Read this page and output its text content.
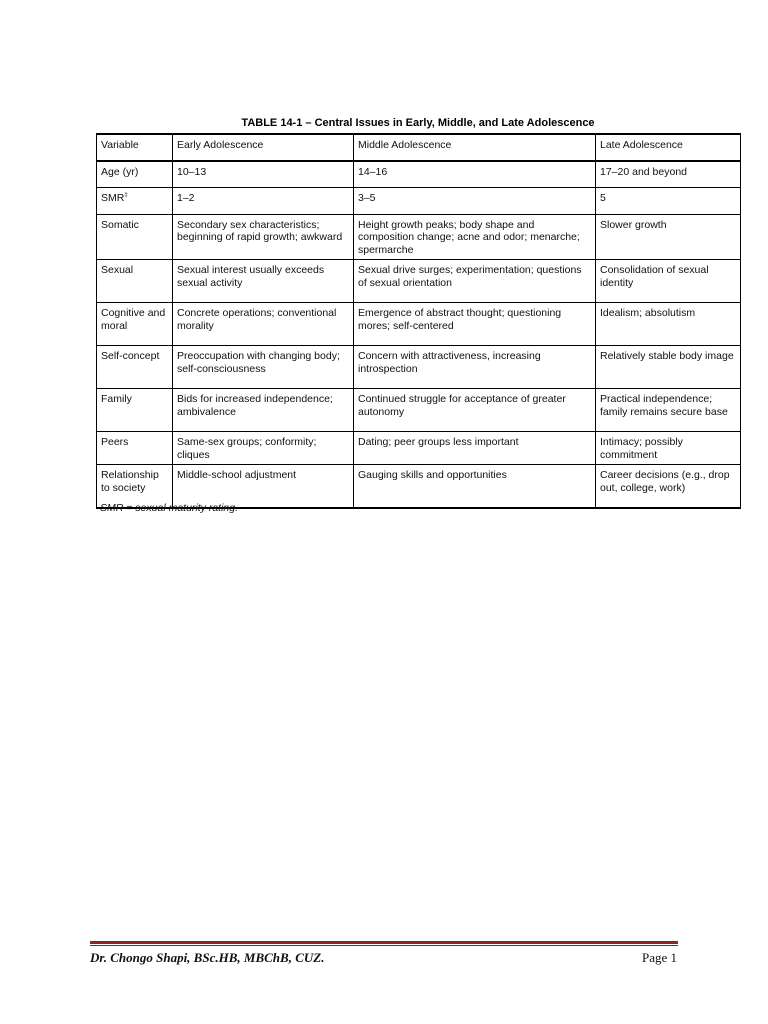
TABLE 14-1 – Central Issues in Early, Middle, and Late Adolescence
Variable	Early Adolescence	Middle Adolescence	Late Adolescence
Age (yr)	10–13	14–16	17–20 and beyond
SMR‡	1–2	3–5	5
Somatic	Secondary sex characteristics; beginning of rapid growth; awkward	Height growth peaks; body shape and composition change; acne and odor; menarche; spermarche	Slower growth
Sexual	Sexual interest usually exceeds sexual activity	Sexual drive surges; experimentation; questions of sexual orientation	Consolidation of sexual identity
Cognitive and moral	Concrete operations; conventional morality	Emergence of abstract thought; questioning mores; self-centered	Idealism; absolutism
Self-concept	Preoccupation with changing body; self-consciousness	Concern with attractiveness, increasing introspection	Relatively stable body image
Family	Bids for increased independence; ambivalence	Continued struggle for acceptance of greater autonomy	Practical independence; family remains secure base
Peers	Same-sex groups; conformity; cliques	Dating; peer groups less important	Intimacy; possibly commitment
Relationship to society	Middle-school adjustment	Gauging skills and opportunities	Career decisions (e.g., drop out, college, work)
SMR = sexual maturity rating.
Dr. Chongo Shapi, BSc.HB, MBChB, CUZ.	Page 1
